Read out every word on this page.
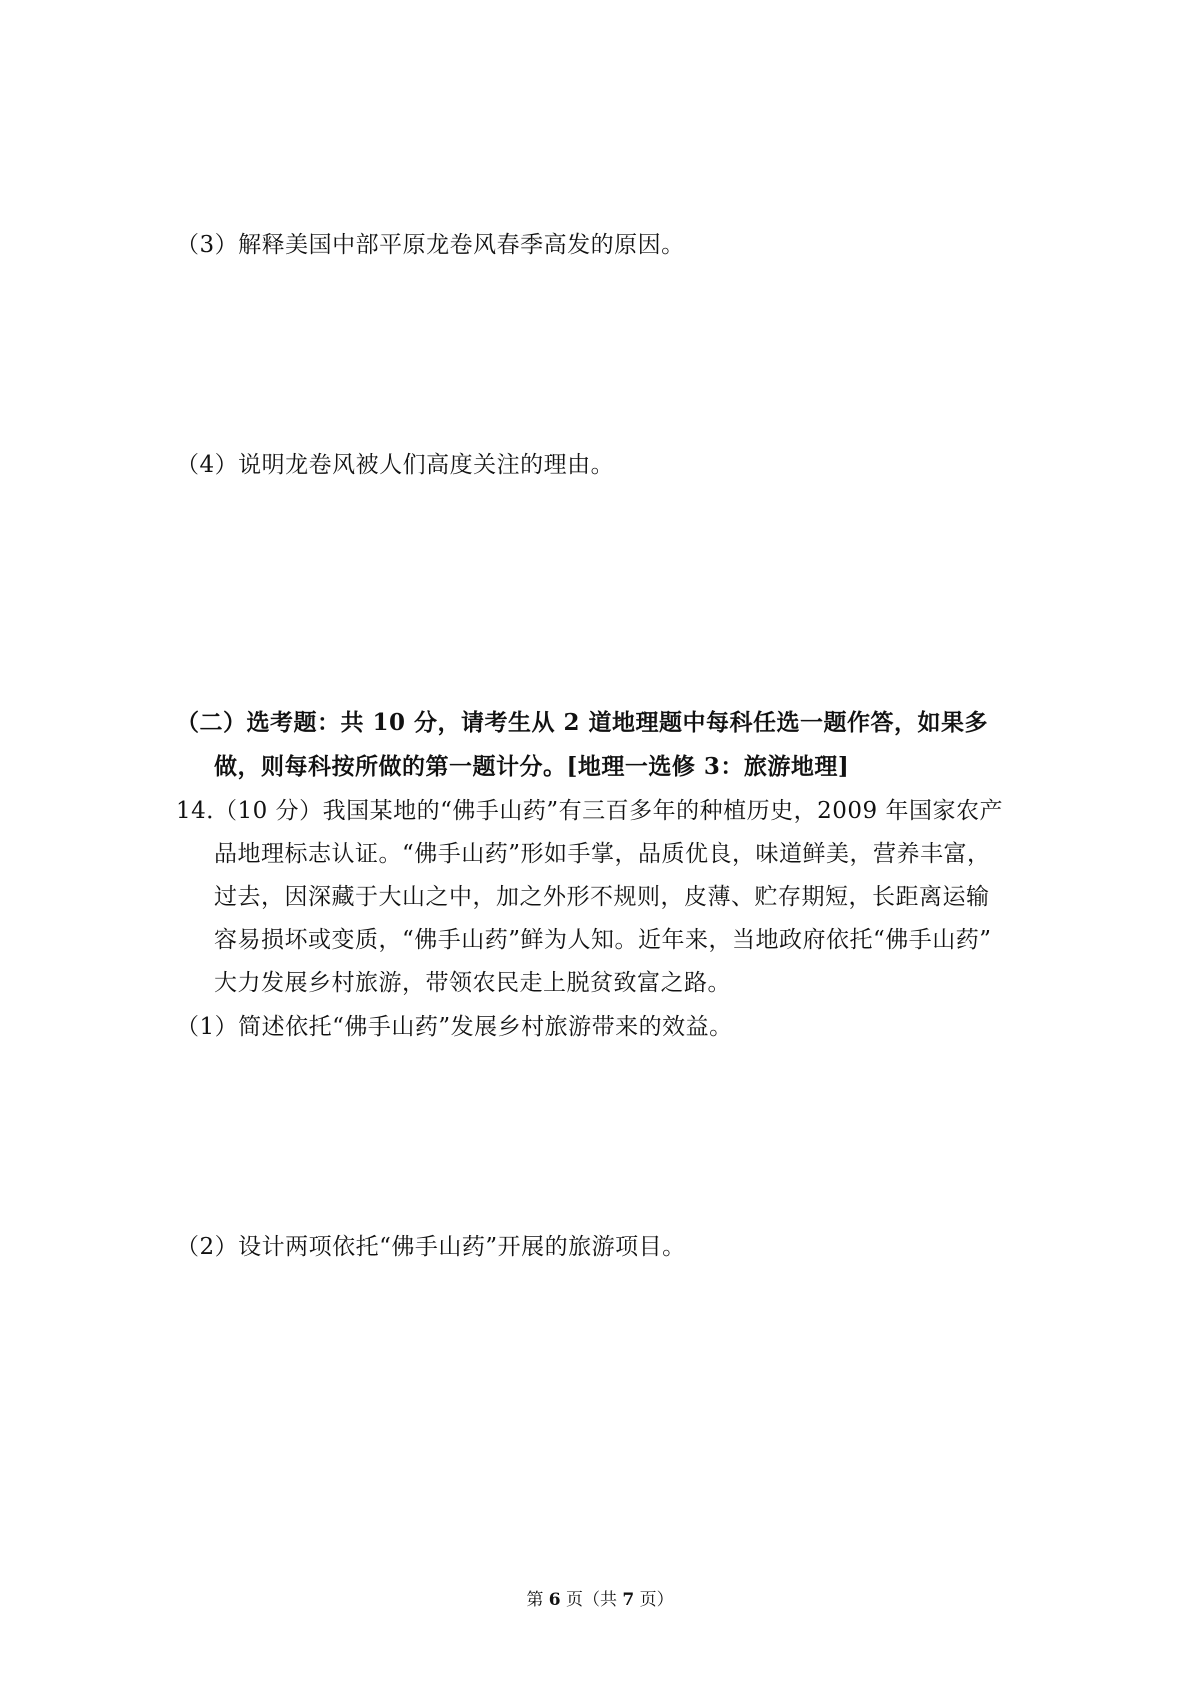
（3）解释美国中部平原龙卷风春季高发的原因。
（4）说明龙卷风被人们高度关注的理由。
（二）选考题：共 10 分，请考生从 2 道地理题中每科任选一题作答，如果多
做，则每科按所做的第一题计分。[地理一选修 3：旅游地理]
14．
（10 分）我国某地的“佛手山药”有三百多年的种植历史，2009 年国家农产
品地理标志认证。“佛手山药”形如手掌，品质优良，味道鲜美，营养丰富，
过去，因深藏于大山之中，加之外形不规则，皮薄、贮存期短，长距离运输
容易损坏或变质，“佛手山药”鲜为人知。近年来，当地政府依托“佛手山药”
大力发展乡村旅游，带领农民走上脱贫致富之路。
（1）简述依托“佛手山药”发展乡村旅游带来的效益。
（2）设计两项依托“佛手山药”开展的旅游项目。
第 6 页（共 7 页）
